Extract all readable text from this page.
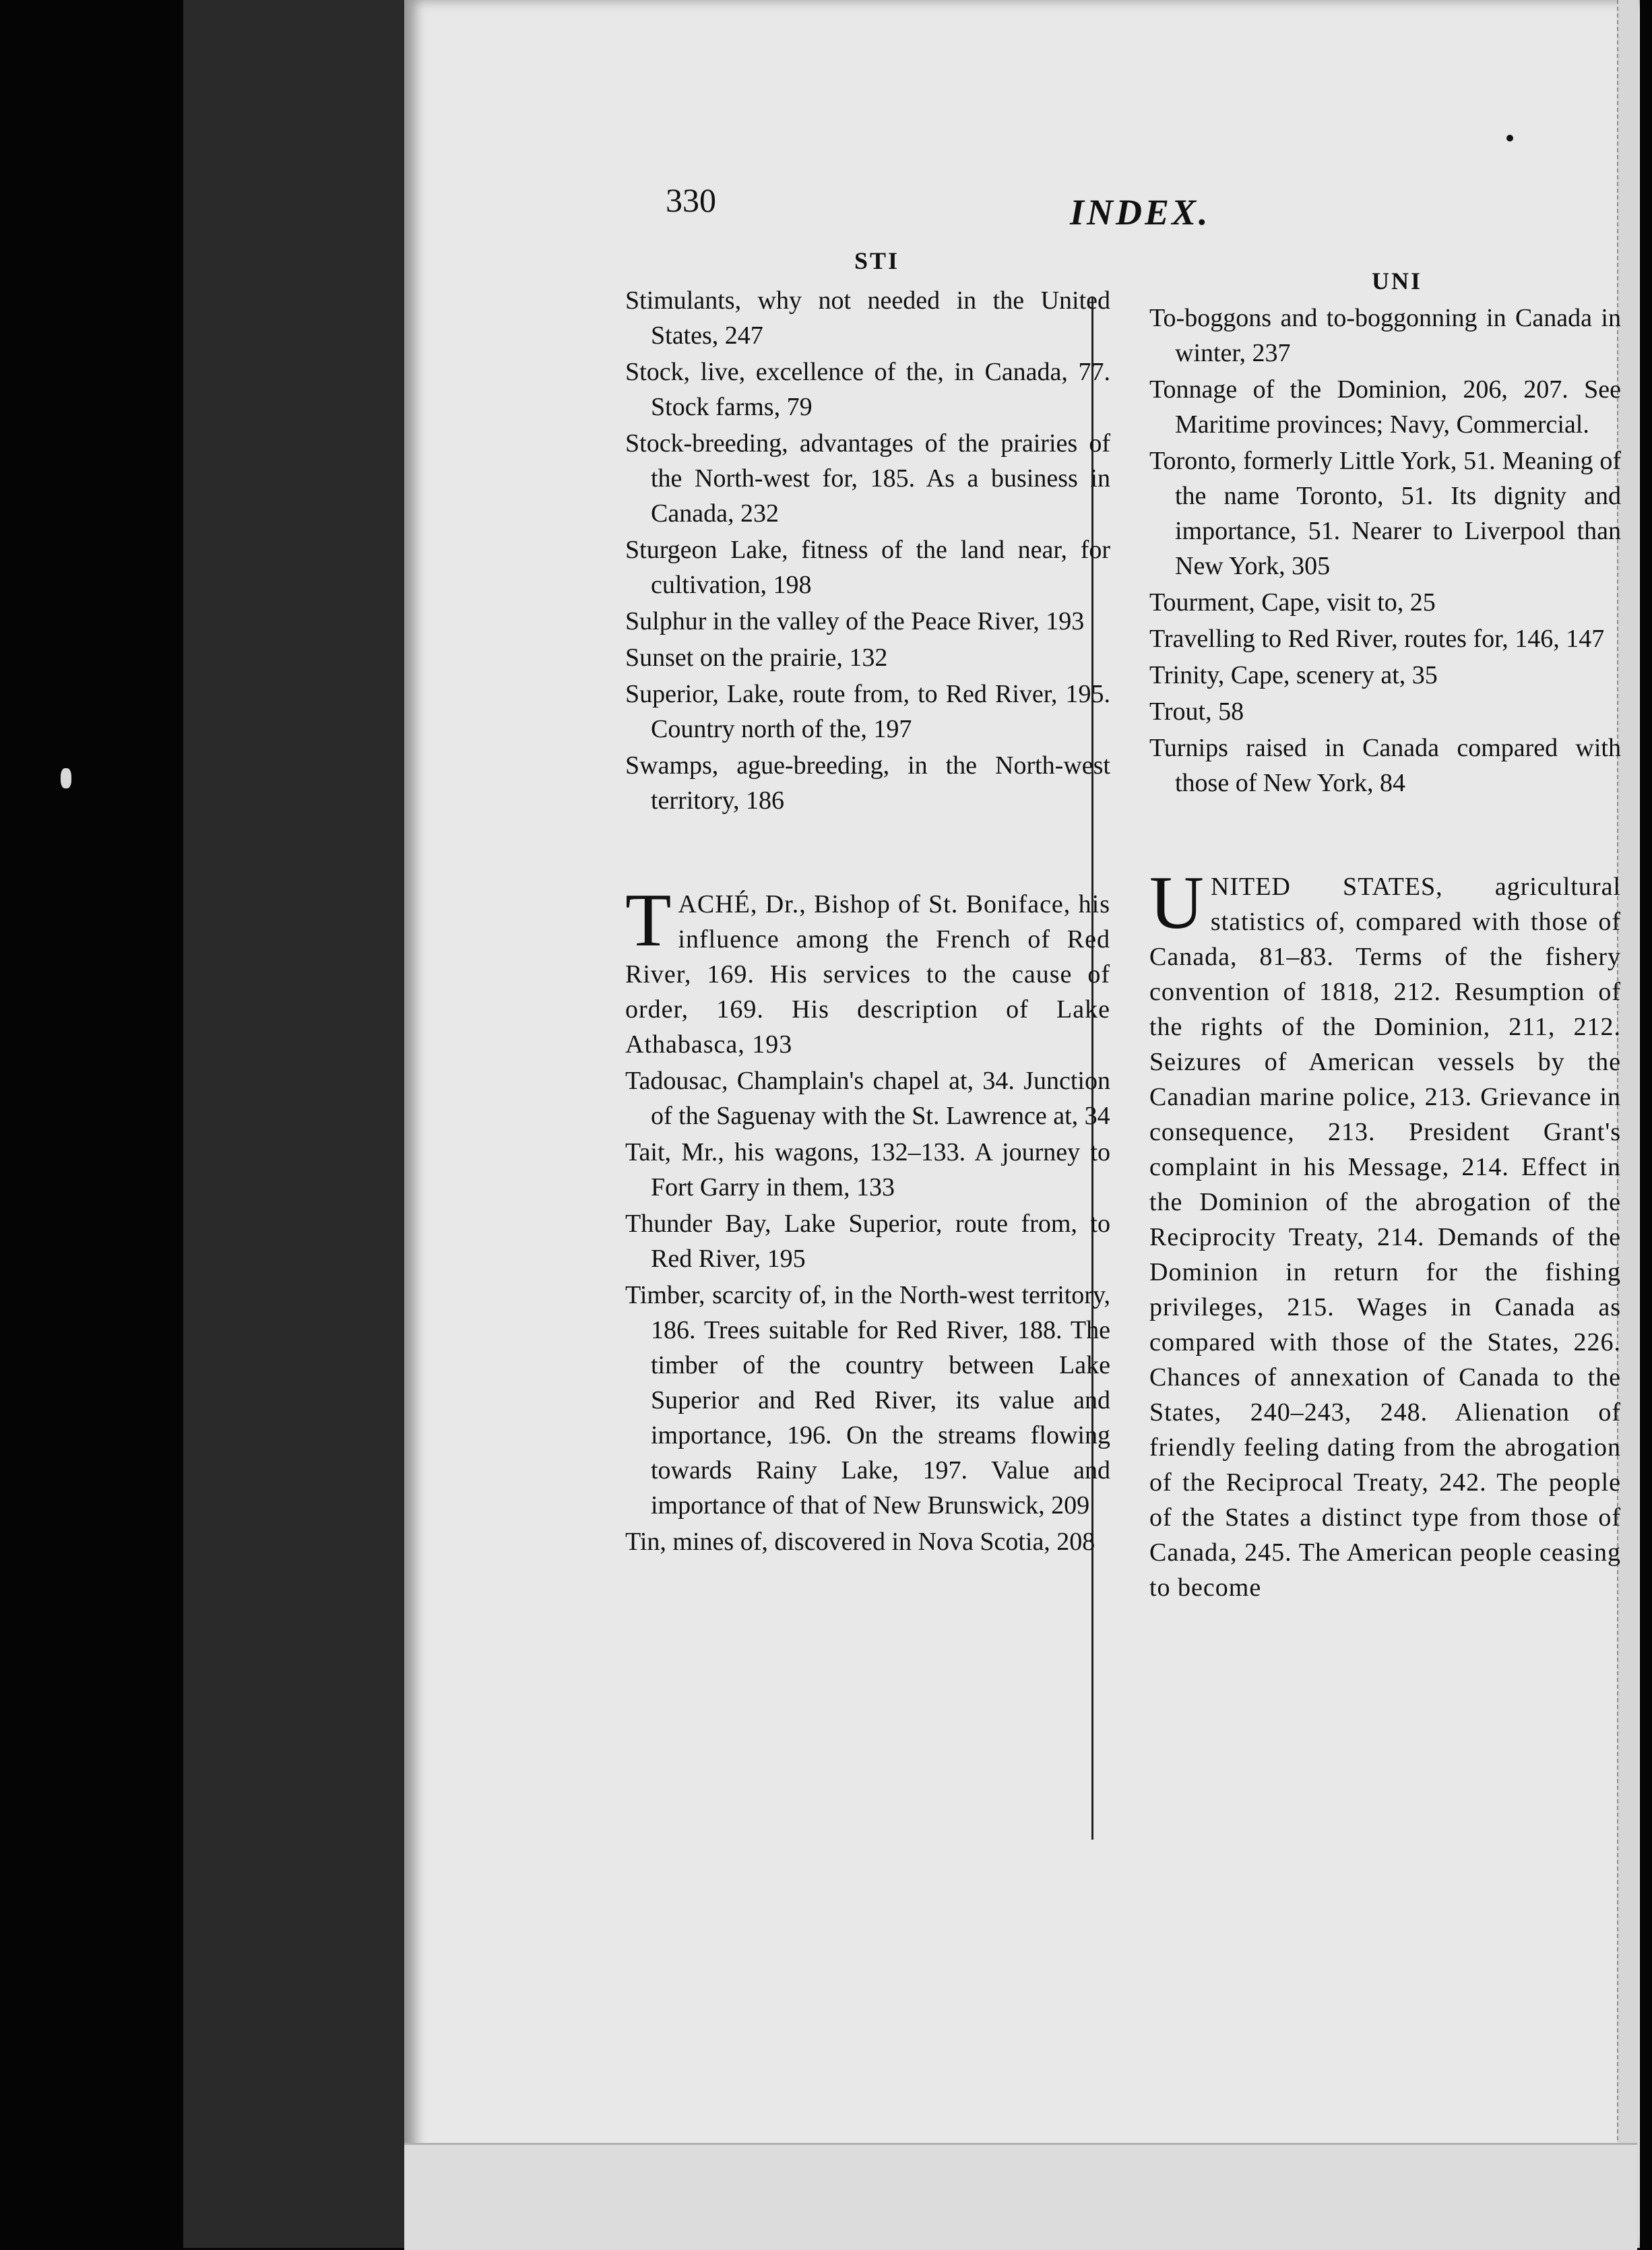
330	INDEX.
STI
UNI

Stimulants, why not needed in the United States, 247

Stock, live, excellence of the, in Canada, 77. Stock farms, 79

Stock-breeding, advantages of the prairies of the North-west for, 185. As a business in Canada, 232

Sturgeon Lake, fitness of the land near, for cultivation, 198

Sulphur in the valley of the Peace River, 193

Sunset on the prairie, 132

Superior, Lake, route from, to Red River, 195. Country north of the, 197

Swamps, ague-breeding, in the North-west territory, 186

TACHÉ, Dr., Bishop of St. Boniface, his influence among the French of Red River, 169. His services to the cause of order, 169. His description of Lake Athabasca, 193

Tadousac, Champlain's chapel at, 34. Junction of the Saguenay with the St. Lawrence at, 34

Tait, Mr., his wagons, 132–133. A journey to Fort Garry in them, 133

Thunder Bay, Lake Superior, route from, to Red River, 195

Timber, scarcity of, in the North-west territory, 186. Trees suitable for Red River, 188. The timber of the country between Lake Superior and Red River, its value and importance, 196. On the streams flowing towards Rainy Lake, 197. Value and importance of that of New Brunswick, 209

Tin, mines of, discovered in Nova Scotia, 208

To-boggons and to-boggonning in Canada in winter, 237

Tonnage of the Dominion, 206, 207. See Maritime provinces; Navy, Commercial.

Toronto, formerly Little York, 51. Meaning of the name Toronto, 51. Its dignity and importance, 51. Nearer to Liverpool than New York, 305

Tourment, Cape, visit to, 25

Travelling to Red River, routes for, 146, 147

Trinity, Cape, scenery at, 35

Trout, 58

Turnips raised in Canada compared with those of New York, 84

UNITED STATES, agricultural statistics of, compared with those of Canada, 81–83. Terms of the fishery convention of 1818, 212. Resumption of the rights of the Dominion, 211, 212. Seizures of American vessels by the Canadian marine police, 213. Grievance in consequence, 213. President Grant's complaint in his Message, 214. Effect in the Dominion of the abrogation of the Reciprocity Treaty, 214. Demands of the Dominion in return for the fishing privileges, 215. Wages in Canada as compared with those of the States, 226. Chances of annexation of Canada to the States, 240–243, 248. Alienation of friendly feeling dating from the abrogation of the Reciprocal Treaty, 242. The people of the States a distinct type from those of Canada, 245. The American people ceasing to become
